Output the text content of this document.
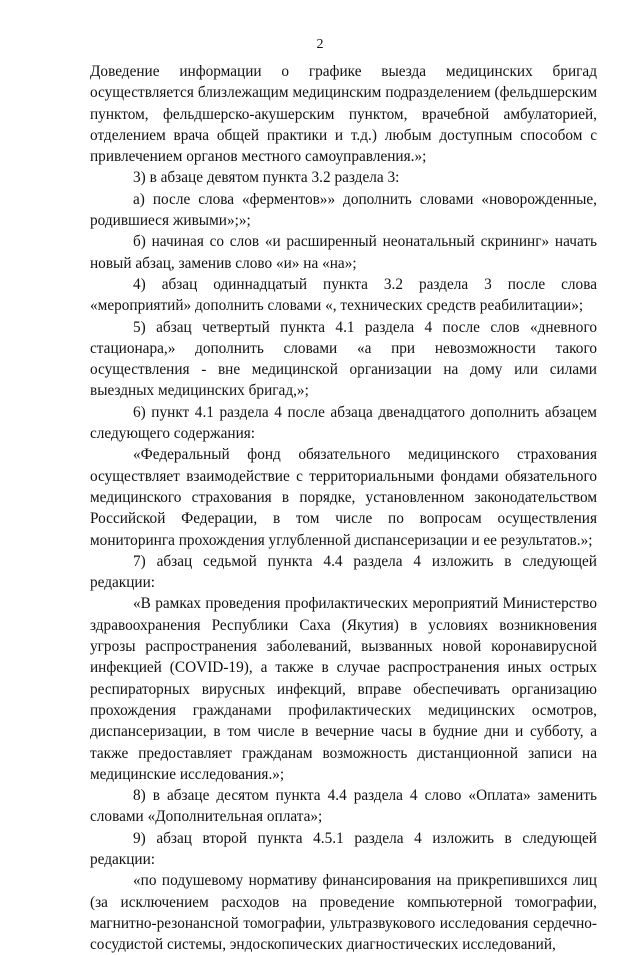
2

Доведение информации о графике выезда медицинских бригад осуществляется близлежащим медицинским подразделением (фельдшерским пунктом, фельдшерско-акушерским пунктом, врачебной амбулаторией, отделением врача общей практики и т.д.) любым доступным способом с привлечением органов местного самоуправления.»;

3) в абзаце девятом пункта 3.2 раздела 3:

а) после слова «ферментов»» дополнить словами «новорожденные, родившиеся живыми»;»;

б) начиная со слов «и расширенный неонатальный скрининг» начать новый абзац, заменив слово «и» на «на»;

4) абзац одиннадцатый пункта 3.2 раздела 3 после слова «мероприятий» дополнить словами «, технических средств реабилитации»;

5) абзац четвертый пункта 4.1 раздела 4 после слов «дневного стационара,» дополнить словами «а при невозможности такого осуществления - вне медицинской организации на дому или силами выездных медицинских бригад,»;

6) пункт 4.1 раздела 4 после абзаца двенадцатого дополнить абзацем следующего содержания:

«Федеральный фонд обязательного медицинского страхования осуществляет взаимодействие с территориальными фондами обязательного медицинского страхования в порядке, установленном законодательством Российской Федерации, в том числе по вопросам осуществления мониторинга прохождения углубленной диспансеризации и ее результатов.»;

7) абзац седьмой пункта 4.4 раздела 4 изложить в следующей редакции:

«В рамках проведения профилактических мероприятий Министерство здравоохранения Республики Саха (Якутия) в условиях возникновения угрозы распространения заболеваний, вызванных новой коронавирусной инфекцией (COVID-19), а также в случае распространения иных острых респираторных вирусных инфекций, вправе обеспечивать организацию прохождения гражданами профилактических медицинских осмотров, диспансеризации, в том числе в вечерние часы в будние дни и субботу, а также предоставляет гражданам возможность дистанционной записи на медицинские исследования.»;

8) в абзаце десятом пункта 4.4 раздела 4 слово «Оплата» заменить словами «Дополнительная оплата»;

9) абзац второй пункта 4.5.1 раздела 4 изложить в следующей редакции:

«по подушевому нормативу финансирования на прикрепившихся лиц (за исключением расходов на проведение компьютерной томографии, магнитно-резонансной томографии, ультразвукового исследования сердечно-сосудистой системы, эндоскопических диагностических исследований,
